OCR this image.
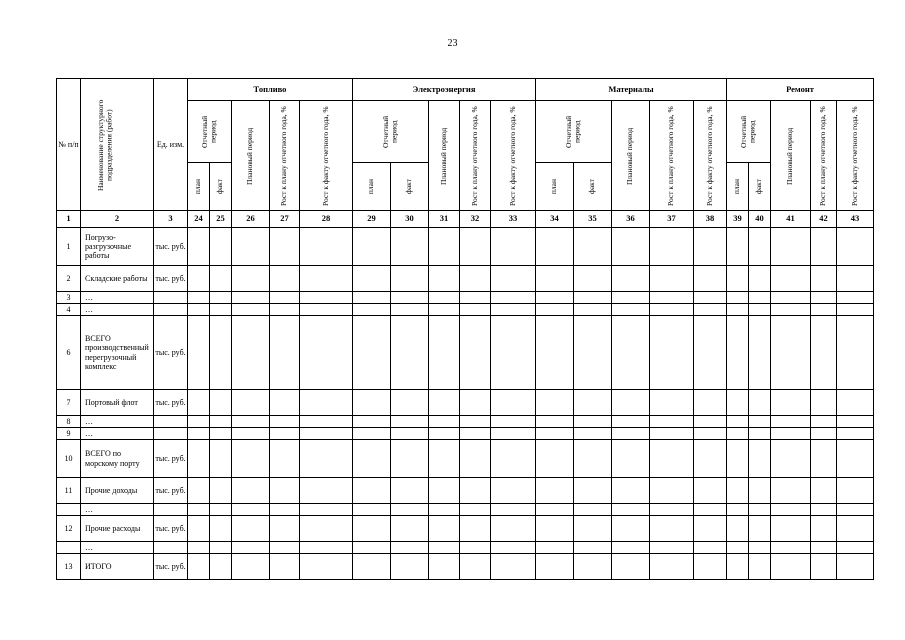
23
№ п/п	Наименование структурного подразделения (работ)	Ед. изм.	Топливо					Электроэнергия					Материалы					Ремонт				

			Отчетный период		Плановый период	Рост к плану отчетного года, %	Рост к факту отчетного года, %	Отчетный период		Плановый период	Рост к плану отчетного года, %	Рост к факту отчетного года, %	Отчетный период		Плановый период	Рост к плану отчетного года, %	Рост к факту отчетного года, %	Отчетный период		Плановый период	Рост к плану отчетного года, %	Рост к факту отчетного года, %

			план	факт				план	факт				план	факт				план	факт			

1	2	3	24	25	26	27	28	29	30	31	32	33	34	35	36	37	38	39	40	41	42	43
1	Погрузо-разгрузочные работы	тыс. руб.																				
2	Складские работы	тыс. руб.																				
3	…																					
4	…																					
6	ВСЕГО производственный перегрузочный комплекс	тыс. руб.																				
7	Портовый флот	тыс. руб.																				
8	…																					
9	…																					
10	ВСЕГО по морскому порту	тыс. руб.																				
11	Прочие доходы	тыс. руб.																				
	…																					
12	Прочие расходы	тыс. руб.																				
	…																					
13	ИТОГО	тыс. руб.																				
